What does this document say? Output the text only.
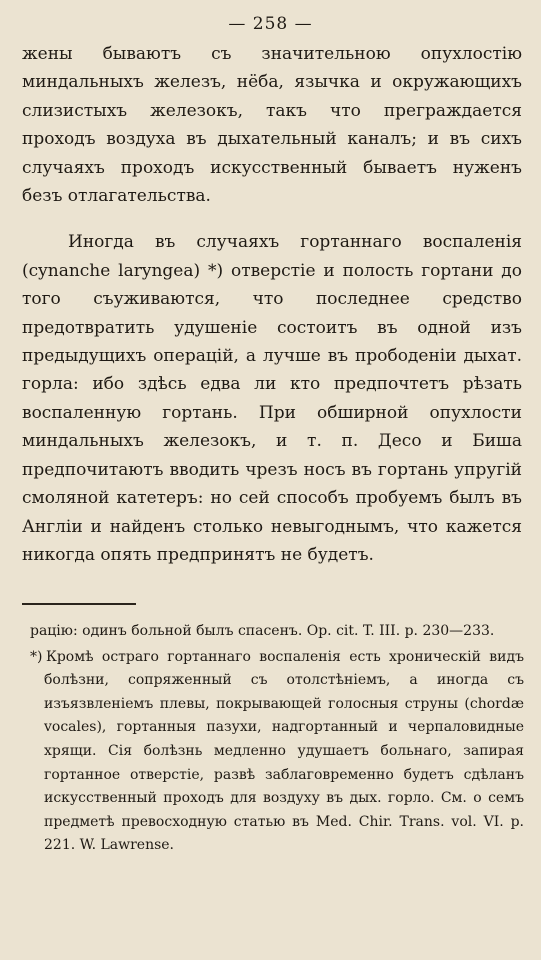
— 258 —

жены бываютъ съ значительною опухлостію миндальныхъ железъ, нёба, язычка и окружающихъ слизистыхъ железокъ, такъ что преграждается проходъ воздуха въ дыхательный каналъ; и въ сихъ случаяхъ проходъ искусственный бываетъ нуженъ безъ отлагательства.

Иногда въ случаяхъ гортаннаго воспаленія (cynanche laryngea) *) отверстіе и полость гортани до того съуживаются, что последнее средство предотвратить удушеніе состоитъ въ одной изъ предыдущихъ операцій, а лучше въ прободеніи дыхат. горла: ибо здѣсь едва ли кто предпочтетъ рѣзать воспаленную гортань. При обширной опухлости миндальныхъ железокъ, и т. п. Десо и Биша предпочитаютъ вводить чрезъ носъ въ гортань упругій смоляной катетеръ: но сей способъ пробуемъ былъ въ Англіи и найденъ столько невыгоднымъ, что кажется никогда опять предпринятъ не будетъ.

рацію: одинъ больной былъ спасенъ. Op. cit. T. III. p. 230—233.

*) Кромѣ остраго гортаннаго воспаленія есть хроническій видъ болѣзни, сопряженный съ отолстѣніемъ, а иногда съ изъязвленіемъ плевы, покрывающей голосныя струны (chordæ vocales), гортанныя пазухи, надгортанный и черпаловидные хрящи. Сія болѣзнь медленно удушаетъ больнаго, запирая гортанное отверстіе, развѣ заблаговременно будетъ сдѣланъ искусственный проходъ для воздуху въ дых. горло. См. о семъ предметѣ превосходную статью въ Med. Chir. Trans. vol. VI. p. 221. W. Lawrense.
